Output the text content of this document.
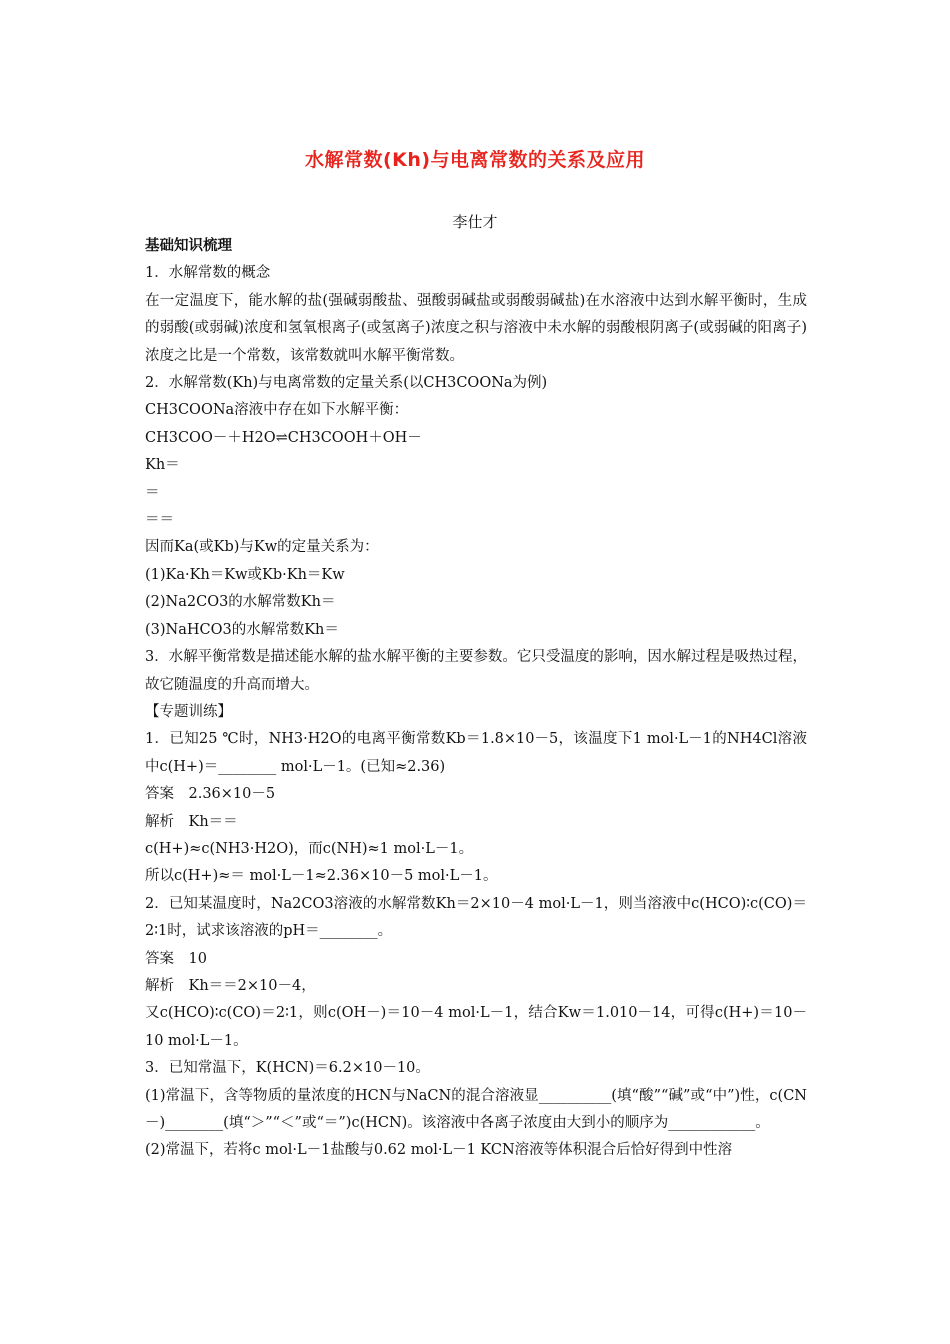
水解常数(Kh)与电离常数的关系及应用
李仕才

基础知识梳理

1．水解常数的概念

在一定温度下，能水解的盐(强碱弱酸盐、强酸弱碱盐或弱酸弱碱盐)在水溶液中达到水解平衡时，生成的弱酸(或弱碱)浓度和氢氧根离子(或氢离子)浓度之积与溶液中未水解的弱酸根阴离子(或弱碱的阳离子)浓度之比是一个常数，该常数就叫水解平衡常数。

2．水解常数(Kh)与电离常数的定量关系(以CH3COONa为例)

CH3COONa溶液中存在如下水解平衡：

CH3COO－＋H2O⇌CH3COOH＋OH－

Kh＝

＝

＝＝

因而Ka(或Kb)与Kw的定量关系为：

(1)Ka·Kh＝Kw或Kb·Kh＝Kw

(2)Na2CO3的水解常数Kh＝

(3)NaHCO3的水解常数Kh＝

3．水解平衡常数是描述能水解的盐水解平衡的主要参数。它只受温度的影响，因水解过程是吸热过程，故它随温度的升高而增大。

【专题训练】

1．已知25 ℃时，NH3·H2O的电离平衡常数Kb＝1.8×10－5，该温度下1 mol·L－1的NH4Cl溶液中c(H+)＝________ mol·L－1。(已知≈2.36)

答案　2.36×10－5

解析　Kh＝＝

c(H+)≈c(NH3·H2O)，而c(NH)≈1 mol·L－1。

所以c(H+)≈＝ mol·L－1≈2.36×10－5 mol·L－1。

2．已知某温度时，Na2CO3溶液的水解常数Kh＝2×10－4 mol·L－1，则当溶液中c(HCO)∶c(CO)＝2∶1时，试求该溶液的pH＝________。

答案　10

解析　Kh＝＝2×10－4，

又c(HCO)∶c(CO)＝2∶1，则c(OH－)＝10－4 mol·L－1，结合Kw＝1.010－14，可得c(H+)＝10－10 mol·L－1。

3．已知常温下，K(HCN)＝6.2×10－10。

(1)常温下，含等物质的量浓度的HCN与NaCN的混合溶液显__________(填“酸”“碱”或“中”)性，c(CN－)________(填“＞”“＜”或“＝”)c(HCN)。该溶液中各离子浓度由大到小的顺序为____________。

(2)常温下，若将c mol·L－1盐酸与0.62 mol·L－1 KCN溶液等体积混合后恰好得到中性溶
